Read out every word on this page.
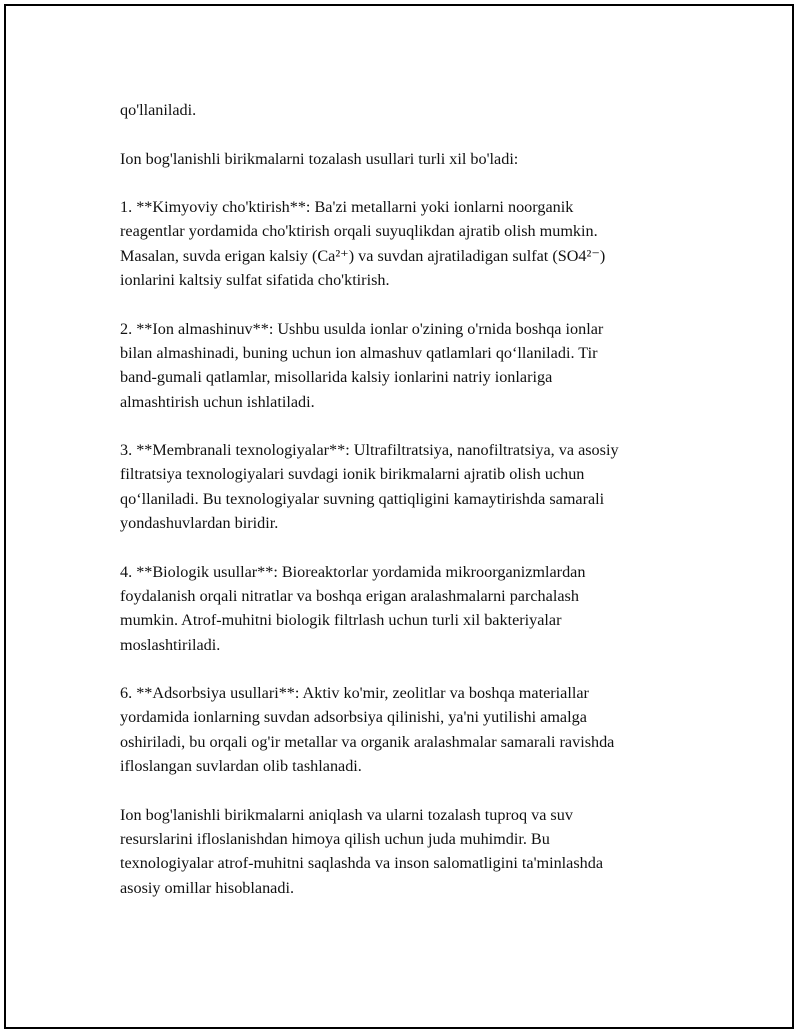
qo'llaniladi.

Ion bog'lanishli birikmalarni tozalash usullari turli xil bo'ladi:

1. **Kimyoviy cho'ktirish**: Ba'zi metallarni yoki ionlarni noorganik
reagentlar yordamida cho'ktirish orqali suyuqlikdan ajratib olish mumkin.
Masalan, suvda erigan kalsiy (Ca²⁺) va suvdan ajratiladigan sulfat (SO4²⁻)
ionlarini kaltsiy sulfat sifatida cho'ktirish.

2. **Ion almashinuv**: Ushbu usulda ionlar o'zining o'rnida boshqa ionlar
bilan almashinadi, buning uchun ion almashuv qatlamlari qo‘llaniladi. Tir
band-gumali qatlamlar, misollarida kalsiy ionlarini natriy ionlariga
almashtirish uchun ishlatiladi.

3. **Membranali texnologiyalar**: Ultrafiltratsiya, nanofiltratsiya, va asosiy
filtratsiya texnologiyalari suvdagi ionik birikmalarni ajratib olish uchun
qo‘llaniladi. Bu texnologiyalar suvning qattiqligini kamaytirishda samarali
yondashuvlardan biridir.

4. **Biologik usullar**: Bioreaktorlar yordamida mikroorganizmlardan
foydalanish orqali nitratlar va boshqa erigan aralashmalarni parchalash
mumkin. Atrof-muhitni biologik filtrlash uchun turli xil bakteriyalar
moslashtiriladi.

6. **Adsorbsiya usullari**: Aktiv ko'mir, zeolitlar va boshqa materiallar
yordamida ionlarning suvdan adsorbsiya qilinishi, ya'ni yutilishi amalga
oshiriladi, bu orqali og'ir metallar va organik aralashmalar samarali ravishda
ifloslangan suvlardan olib tashlanadi.

Ion bog'lanishli birikmalarni aniqlash va ularni tozalash tuproq va suv
resurslarini ifloslanishdan himoya qilish uchun juda muhimdir. Bu
texnologiyalar atrof-muhitni saqlashda va inson salomatligini ta'minlashda
asosiy omillar hisoblanadi.
